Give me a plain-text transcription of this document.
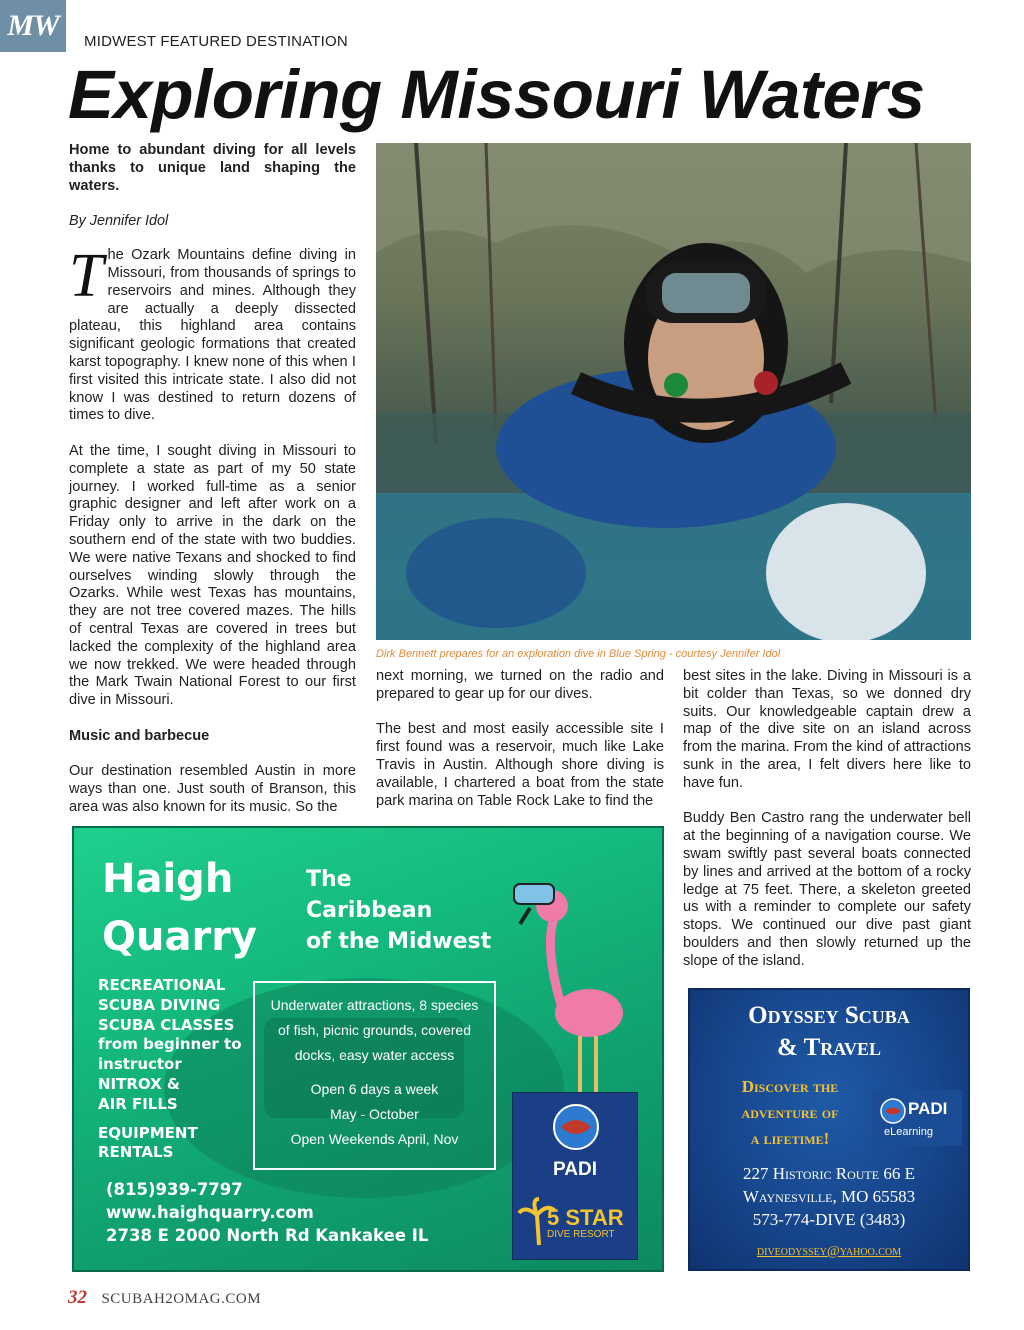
MW	MIDWEST FEATURED DESTINATION
Exploring Missouri Waters
Home to abundant diving for all levels thanks to unique land shaping the waters.
By Jennifer Idol

The Ozark Mountains define diving in Missouri, from thousands of springs to reservoirs and mines. Although they are actually a deeply dissected plateau, this highland area contains significant geologic formations that created karst topography. I knew none of this when I first visited this intricate state. I also did not know I was destined to return dozens of times to dive.

At the time, I sought diving in Missouri to complete a state as part of my 50 state journey. I worked full-time as a senior graphic designer and left after work on a Friday only to arrive in the dark on the southern end of the state with two buddies. We were native Texans and shocked to find ourselves winding slowly through the Ozarks. While west Texas has mountains, they are not tree covered mazes. The hills of central Texas are covered in trees but lacked the complexity of the highland area we now trekked. We were headed through the Mark Twain National Forest to our first dive in Missouri.

Music and barbecue

Our destination resembled Austin in more ways than one. Just south of Branson, this area was also known for its music. So the

Dirk Bennett prepares for an exploration dive in Blue Spring - courtesy Jennifer Idol

next morning, we turned on the radio and prepared to gear up for our dives.

The best and most easily accessible site I first found was a reservoir, much like Lake Travis in Austin. Although shore diving is available, I chartered a boat from the state park marina on Table Rock Lake to find the

best sites in the lake. Diving in Missouri is a bit colder than Texas, so we donned dry suits. Our knowledgeable captain drew a map of the dive site on an island across from the marina. From the kind of attractions sunk in the area, I felt divers here like to have fun.

Buddy Ben Castro rang the underwater bell at the beginning of a navigation course. We swam swiftly past several boats connected by lines and arrived at the bottom of a rocky ledge at 75 feet. There, a skeleton greeted us with a reminder to complete our safety stops. We continued our dive past giant boulders and then slowly returned up the slope of the island.

Haigh
Quarry
The
Caribbean
of the Midwest
RECREATIONAL
SCUBA DIVING
SCUBA CLASSES
from beginner to
instructor
NITROX &
AIR FILLS
EQUIPMENT
RENTALS
Underwater attractions, 8 species
of fish, picnic grounds, covered
docks, easy water access
Open 6 days a week
May - October
Open Weekends April, Nov
PADI
5 STAR
DIVE RESORT
(815)939-7797
www.haighquarry.com
2738 E 2000 North Rd Kankakee IL
Odyssey Scuba
& Travel
Discover the
adventure of
a lifetime!
PADI
eLearning
227 Historic Route 66 E
Waynesville, MO 65583
573-774-DIVE (3483)
diveodyssey@yahoo.com
32 SCUBAH2OMAG.COM
